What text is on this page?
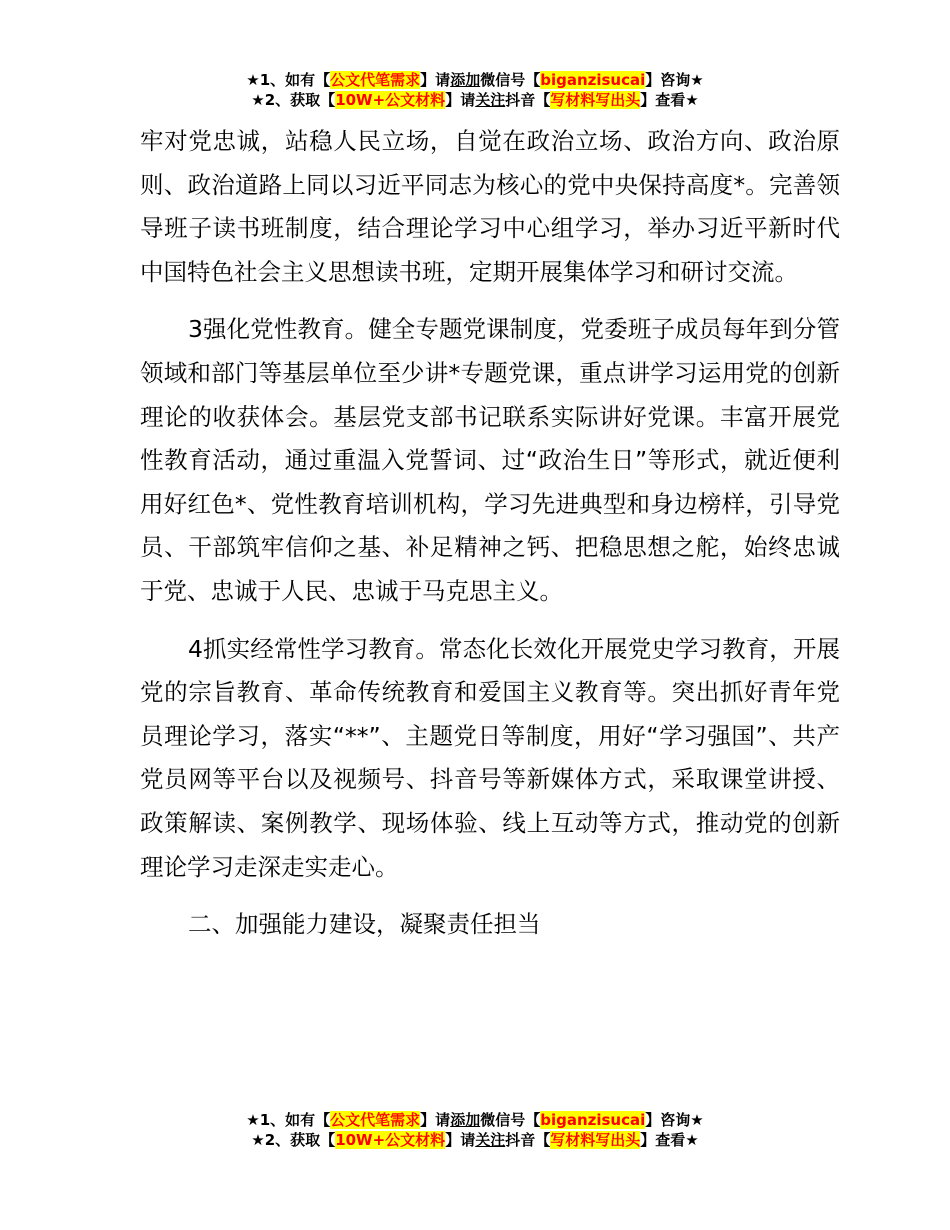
★1、如有【公文代笔需求】请添加微信号【biganzisucai】咨询★
★2、获取【10W+公文材料】请关注抖音【写材料写出头】查看★

牢对党忠诚，站稳人民立场，自觉在政治立场、政治方向、政治原则、政治道路上同以习近平同志为核心的党中央保持高度*。完善领导班子读书班制度，结合理论学习中心组学习，举办习近平新时代中国特色社会主义思想读书班，定期开展集体学习和研讨交流。

3强化党性教育。健全专题党课制度，党委班子成员每年到分管领域和部门等基层单位至少讲*专题党课，重点讲学习运用党的创新理论的收获体会。基层党支部书记联系实际讲好党课。丰富开展党性教育活动，通过重温入党誓词、过“政治生日”等形式，就近便利用好红色*、党性教育培训机构，学习先进典型和身边榜样，引导党员、干部筑牢信仰之基、补足精神之钙、把稳思想之舵，始终忠诚于党、忠诚于人民、忠诚于马克思主义。

4抓实经常性学习教育。常态化长效化开展党史学习教育，开展党的宗旨教育、革命传统教育和爱国主义教育等。突出抓好青年党员理论学习，落实“**”、主题党日等制度，用好“学习强国”、共产党员网等平台以及视频号、抖音号等新媒体方式，采取课堂讲授、政策解读、案例教学、现场体验、线上互动等方式，推动党的创新理论学习走深走实走心。

二、加强能力建设，凝聚责任担当

★1、如有【公文代笔需求】请添加微信号【biganzisucai】咨询★
★2、获取【10W+公文材料】请关注抖音【写材料写出头】查看★
